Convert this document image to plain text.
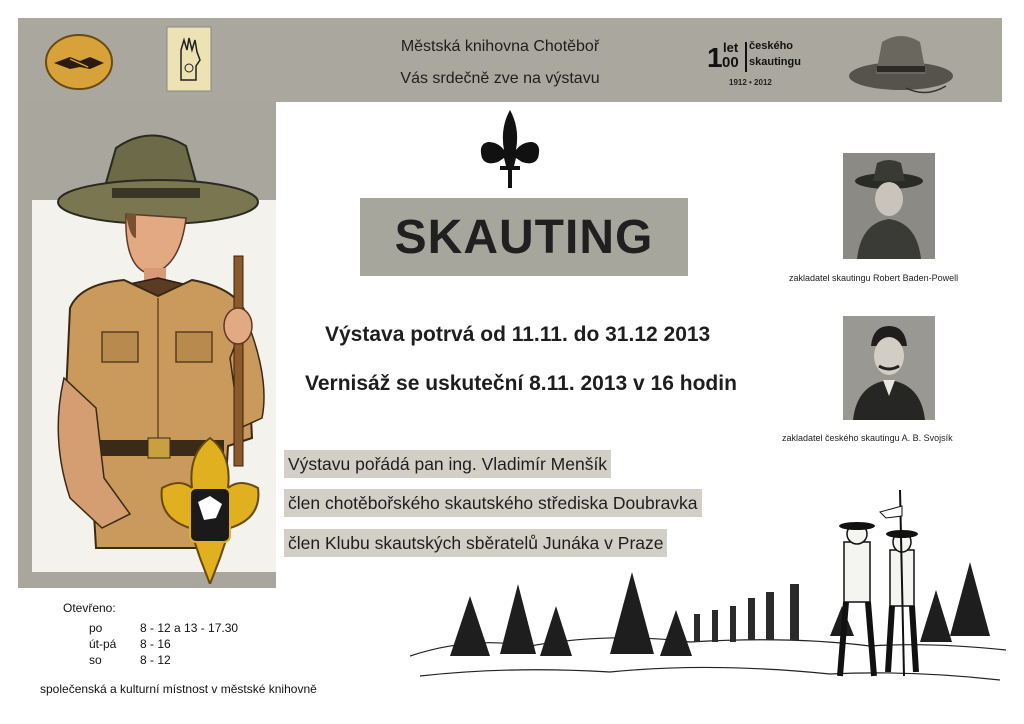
Městská knihovna Chotěboř
Vás srdečně zve na výstavu
1 let
00
českého
skautingu
1912 • 2012
SKAUTING
Výstava potrvá od 11.11. do 31.12 2013
Vernisáž se uskuteční 8.11. 2013 v 16 hodin
Výstavu pořádá pan ing. Vladimír Menšík
člen chotěbořského skautského střediska Doubravka
člen Klubu skautských sběratelů Junáka v Praze
zakladatel skautingu Robert Baden-Powell
zakladatel českého skautingu A. B. Svojsík
Otevřeno:
po	8 - 12 a 13 - 17.30
út-pá 8 - 16
so	8 - 12
společenská a kulturní místnost v městské knihovně
